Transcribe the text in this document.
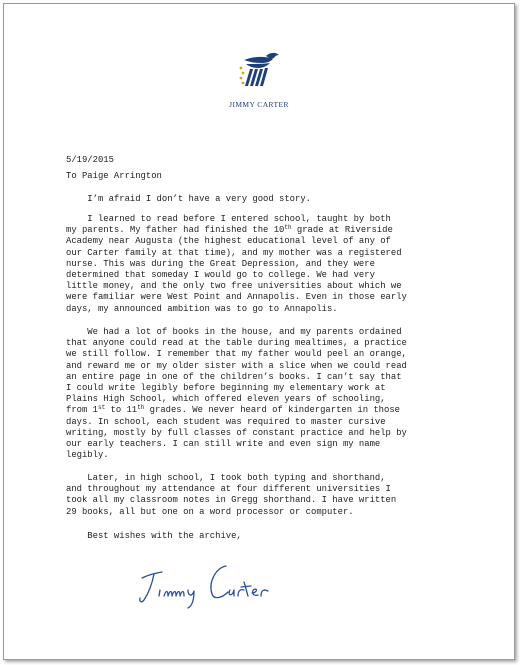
JIMMY CARTER
5/19/2015
To Paige Arrington
I’m afraid I don’t have a very good story.
I learned to read before I entered school, taught by both
my parents. My father had finished the 10th grade at Riverside
Academy near Augusta (the highest educational level of any of
our Carter family at that time), and my mother was a registered
nurse. This was during the Great Depression, and they were
determined that someday I would go to college. We had very
little money, and the only two free universities about which we
were familiar were West Point and Annapolis. Even in those early
days, my announced ambition was to go to Annapolis.
We had a lot of books in the house, and my parents ordained
that anyone could read at the table during mealtimes, a practice
we still follow. I remember that my father would peel an orange,
and reward me or my older sister with a slice when we could read
an entire page in one of the children’s books. I can’t say that
I could write legibly before beginning my elementary work at
Plains High School, which offered eleven years of schooling,
from 1st to 11th grades. We never heard of kindergarten in those
days. In school, each student was required to master cursive
writing, mostly by full classes of constant practice and help by
our early teachers. I can still write and even sign my name
legibly.
Later, in high school, I took both typing and shorthand,
and throughout my attendance at four different universities I
took all my classroom notes in Gregg shorthand. I have written
29 books, all but one on a word processor or computer.
Best wishes with the archive,
